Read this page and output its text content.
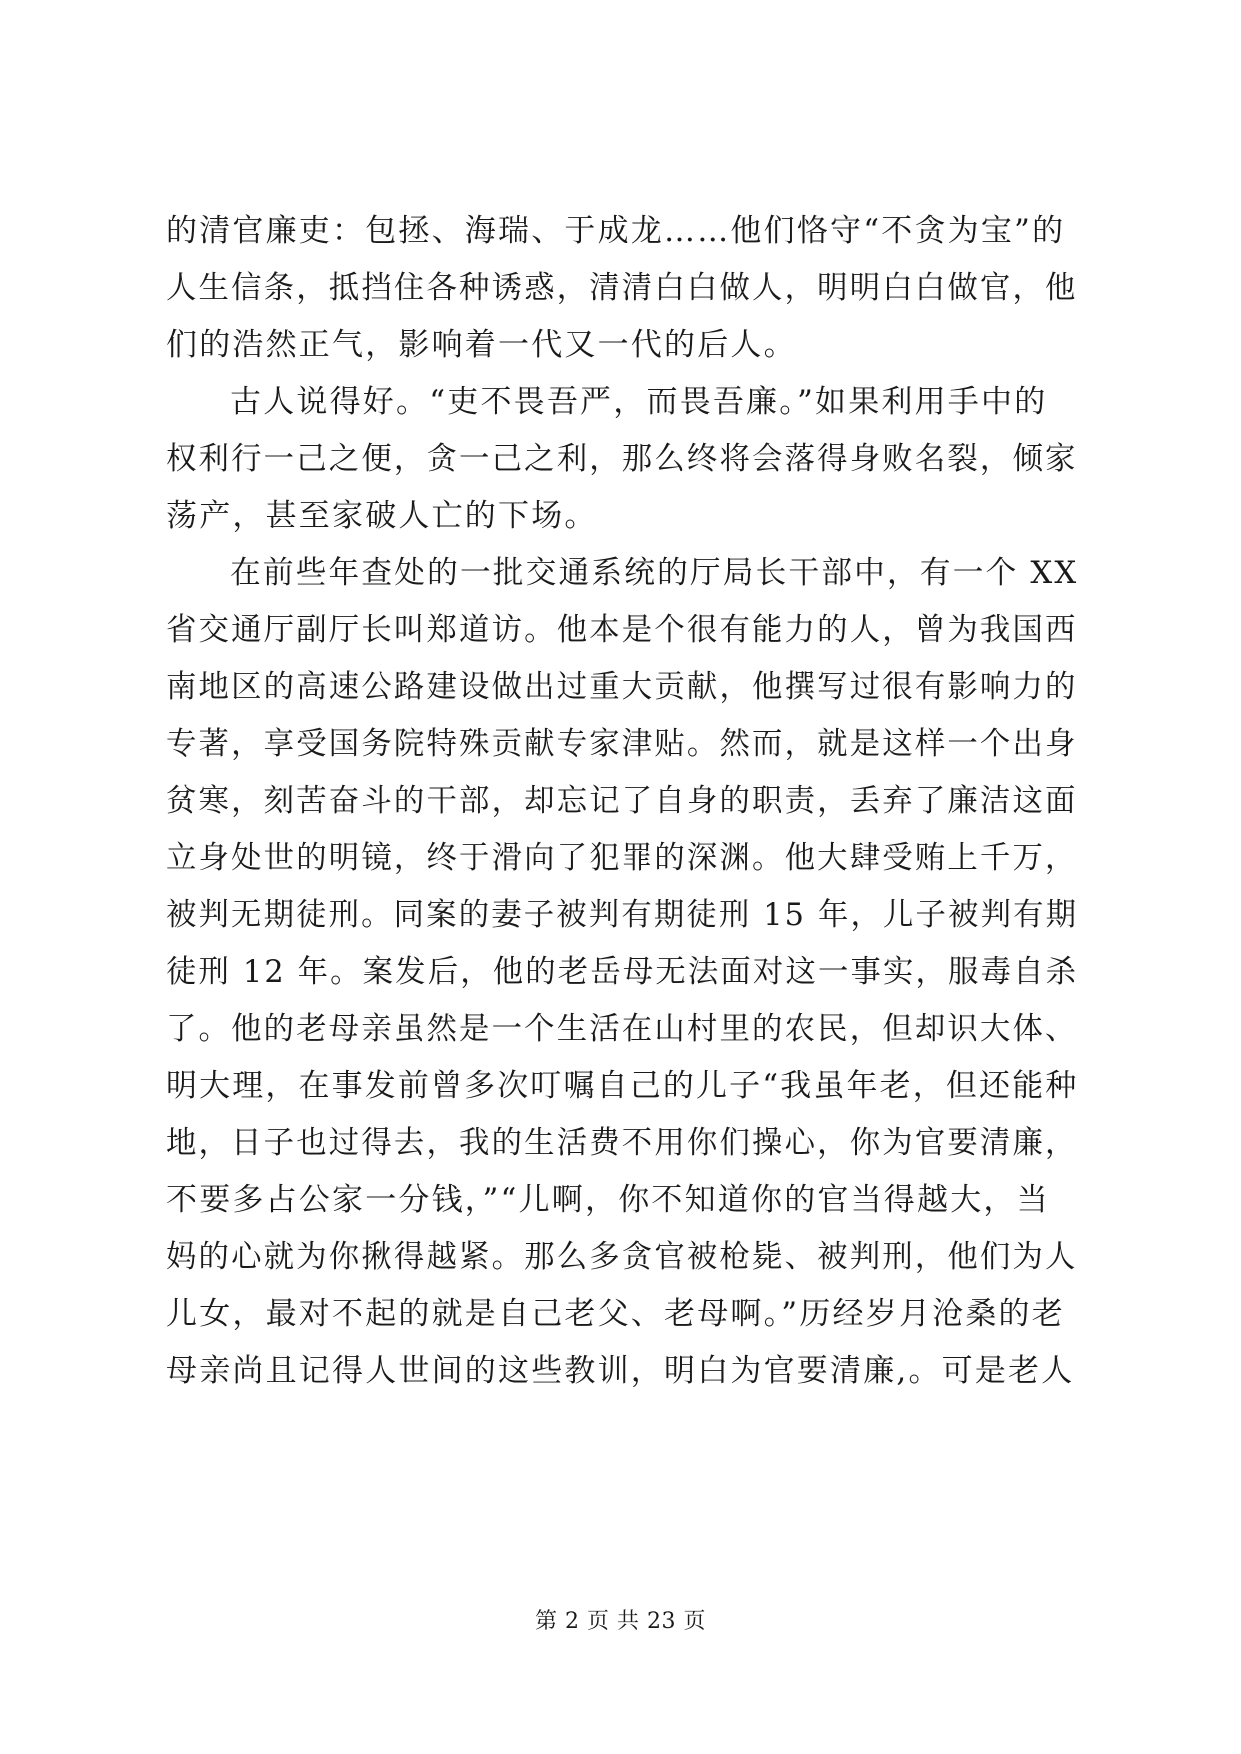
的清官廉吏：包拯、海瑞、于成龙……他们恪守“不贪为宝”的
人生信条，抵挡住各种诱惑，清清白白做人，明明白白做官，他
们的浩然正气，影响着一代又一代的后人。
古人说得好。“吏不畏吾严，而畏吾廉。”如果利用手中的
权利行一己之便，贪一己之利，那么终将会落得身败名裂，倾家
荡产，甚至家破人亡的下场。
在前些年查处的一批交通系统的厅局长干部中，有一个 XX
省交通厅副厅长叫郑道访。他本是个很有能力的人，曾为我国西
南地区的高速公路建设做出过重大贡献，他撰写过很有影响力的
专著，享受国务院特殊贡献专家津贴。然而，就是这样一个出身
贫寒，刻苦奋斗的干部，却忘记了自身的职责，丢弃了廉洁这面
立身处世的明镜，终于滑向了犯罪的深渊。他大肆受贿上千万，
被判无期徒刑。同案的妻子被判有期徒刑 15 年，儿子被判有期
徒刑 12 年。案发后，他的老岳母无法面对这一事实，服毒自杀
了。他的老母亲虽然是一个生活在山村里的农民，但却识大体、
明大理，在事发前曾多次叮嘱自己的儿子“我虽年老，但还能种
地，日子也过得去，我的生活费不用你们操心，你为官要清廉，
不要多占公家一分钱，”“儿啊，你不知道你的官当得越大，当
妈的心就为你揪得越紧。那么多贪官被枪毙、被判刑，他们为人
儿女，最对不起的就是自己老父、老母啊。”历经岁月沧桑的老
母亲尚且记得人世间的这些教训，明白为官要清廉,。可是老人
第 2 页 共 23 页
